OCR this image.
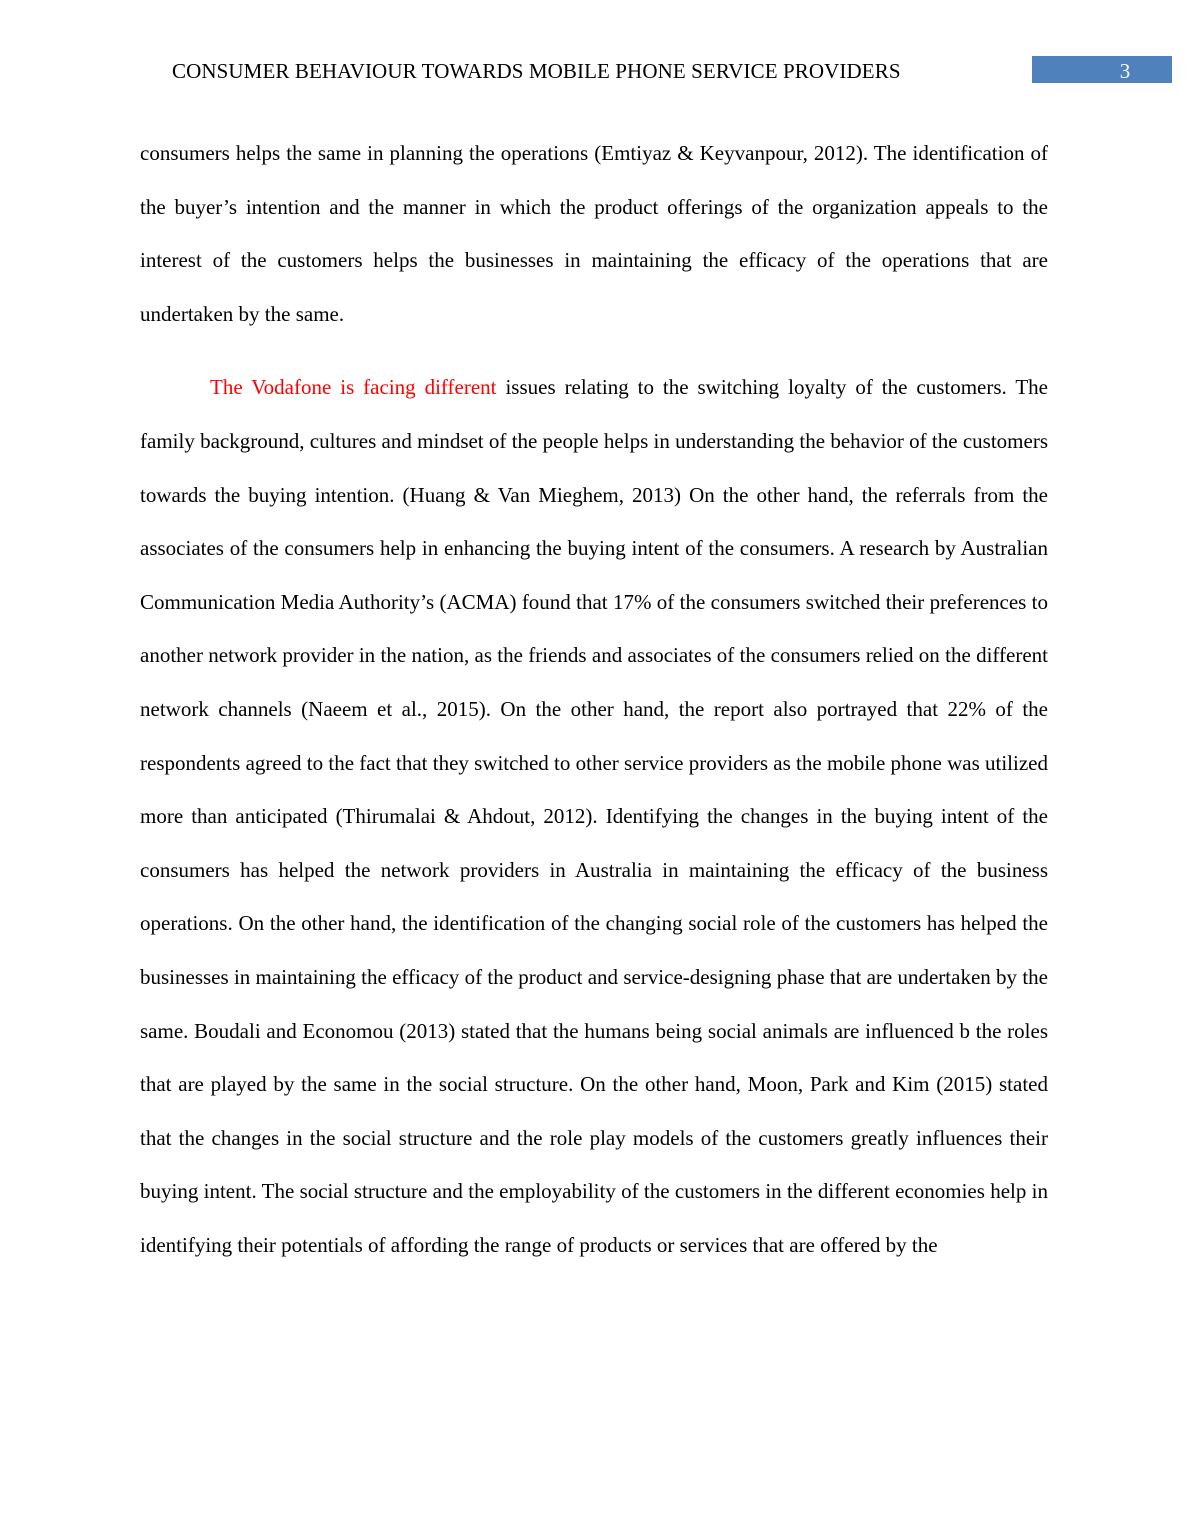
CONSUMER BEHAVIOUR TOWARDS MOBILE PHONE SERVICE PROVIDERS	3

consumers helps the same in planning the operations (Emtiyaz & Keyvanpour, 2012). The identification of the buyer’s intention and the manner in which the product offerings of the organization appeals to the interest of the customers helps the businesses in maintaining the efficacy of the operations that are undertaken by the same.

The Vodafone is facing different issues relating to the switching loyalty of the customers. The family background, cultures and mindset of the people helps in understanding the behavior of the customers towards the buying intention. (Huang & Van Mieghem, 2013) On the other hand, the referrals from the associates of the consumers help in enhancing the buying intent of the consumers. A research by Australian Communication Media Authority’s (ACMA) found that 17% of the consumers switched their preferences to another network provider in the nation, as the friends and associates of the consumers relied on the different network channels (Naeem et al., 2015). On the other hand, the report also portrayed that 22% of the respondents agreed to the fact that they switched to other service providers as the mobile phone was utilized more than anticipated (Thirumalai & Ahdout, 2012). Identifying the changes in the buying intent of the consumers has helped the network providers in Australia in maintaining the efficacy of the business operations. On the other hand, the identification of the changing social role of the customers has helped the businesses in maintaining the efficacy of the product and service-designing phase that are undertaken by the same. Boudali and Economou (2013) stated that the humans being social animals are influenced b the roles that are played by the same in the social structure. On the other hand, Moon, Park and Kim (2015) stated that the changes in the social structure and the role play models of the customers greatly influences their buying intent. The social structure and the employability of the customers in the different economies help in identifying their potentials of affording the range of products or services that are offered by the
